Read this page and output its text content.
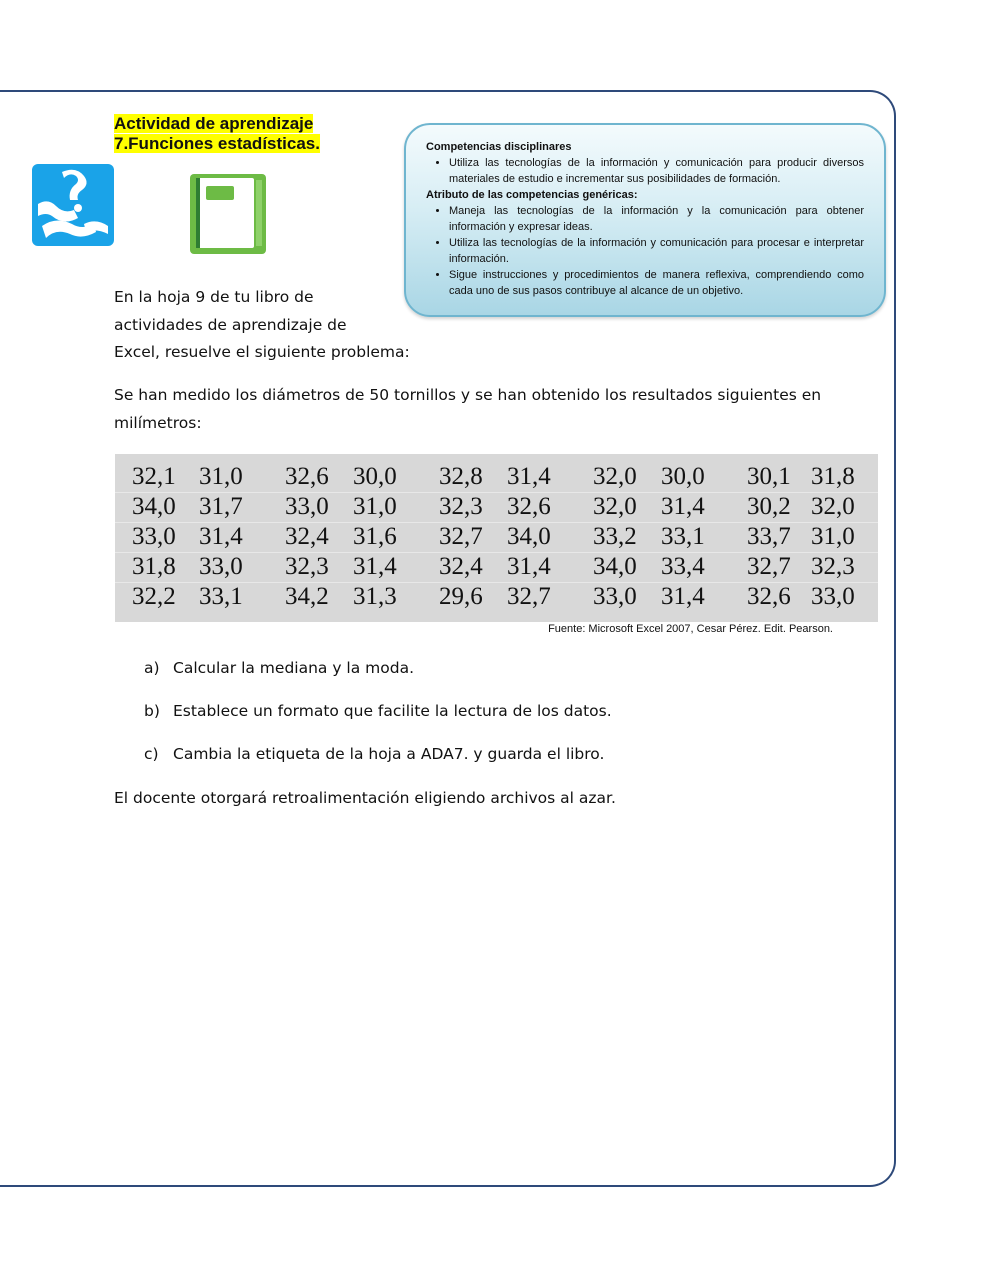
Actividad de aprendizaje
7.Funciones estadísticas.	Competencias disciplinares
• Utiliza las tecnologías de la información y comunicación para producir diversos materiales de estudio e incrementar sus posibilidades de formación.
Atributo de las competencias genéricas:
• Maneja las tecnologías de la información y la comunicación para obtener información y expresar ideas.
• Utiliza las tecnologías de la información y comunicación para procesar e interpretar información.
• Sigue instrucciones y procedimientos de manera reflexiva, comprendiendo como cada uno de sus pasos contribuye al alcance de un objetivo.
En la hoja 9 de tu libro de
actividades de aprendizaje de
Excel, resuelve el siguiente problema:
Se han medido los diámetros de 50 tornillos y se han obtenido los resultados siguientes en milímetros:
32,1 31,0 32,6 30,0 32,8 31,4 32,0 30,0 30,1 31,8
34,0 31,7 33,0 31,0 32,3 32,6 32,0 31,4 30,2 32,0
33,0 31,4 32,4 31,6 32,7 34,0 33,2 33,1 33,7 31,0
31,8 33,0 32,3 31,4 32,4 31,4 34,0 33,4 32,7 32,3
32,2 33,1 34,2 31,3 29,6 32,7 33,0 31,4 32,6 33,0
Fuente: Microsoft Excel 2007, Cesar Pérez. Edit. Pearson.
a) Calcular la mediana y la moda.
b) Establece un formato que facilite la lectura de los datos.
c) Cambia la etiqueta de la hoja a ADA7. y guarda el libro.
El docente otorgará retroalimentación eligiendo archivos al azar.
